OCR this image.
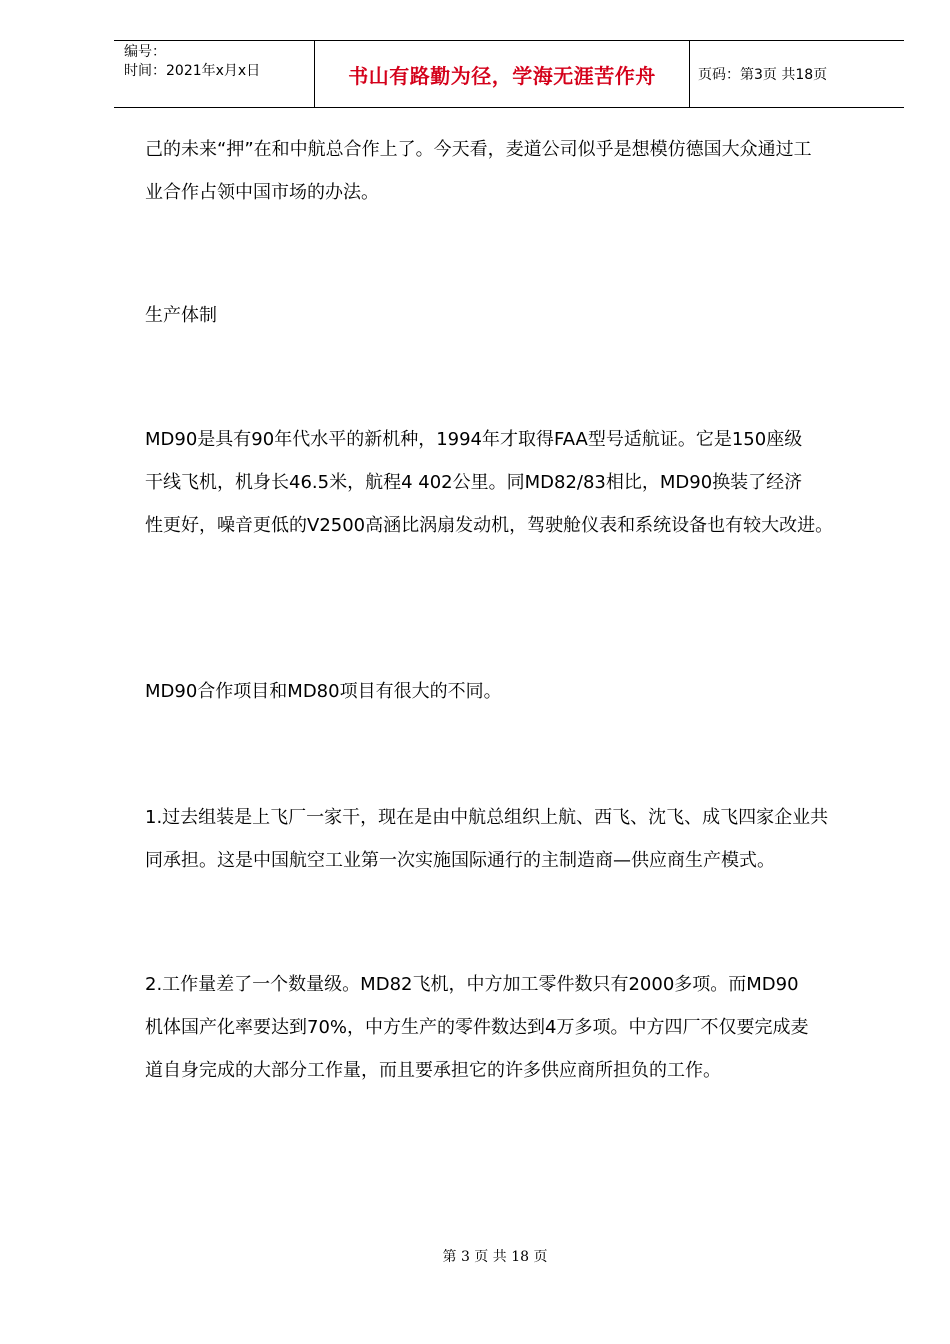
编号：
时间：2021年x月x日	书山有路勤为径，学海无涯苦作舟	页码：第3页 共18页
己的未来“押”在和中航总合作上了。今天看，麦道公司似乎是想模仿德国大众通过工
业合作占领中国市场的办法。
生产体制
MD90是具有90年代水平的新机种，1994年才取得FAA型号适航证。它是150座级
干线飞机，机身长46.5米，航程4 402公里。同MD82/83相比，MD90换装了经济
性更好，噪音更低的V2500高涵比涡扇发动机，驾驶舱仪表和系统设备也有较大改进。
MD90合作项目和MD80项目有很大的不同。
1.过去组装是上飞厂一家干，现在是由中航总组织上航、西飞、沈飞、成飞四家企业共
同承担。这是中国航空工业第一次实施国际通行的主制造商—供应商生产模式。
2.工作量差了一个数量级。MD82飞机，中方加工零件数只有2000多项。而MD90
机体国产化率要达到70%，中方生产的零件数达到4万多项。中方四厂不仅要完成麦
道自身完成的大部分工作量，而且要承担它的许多供应商所担负的工作。
第 3 页 共 18 页
